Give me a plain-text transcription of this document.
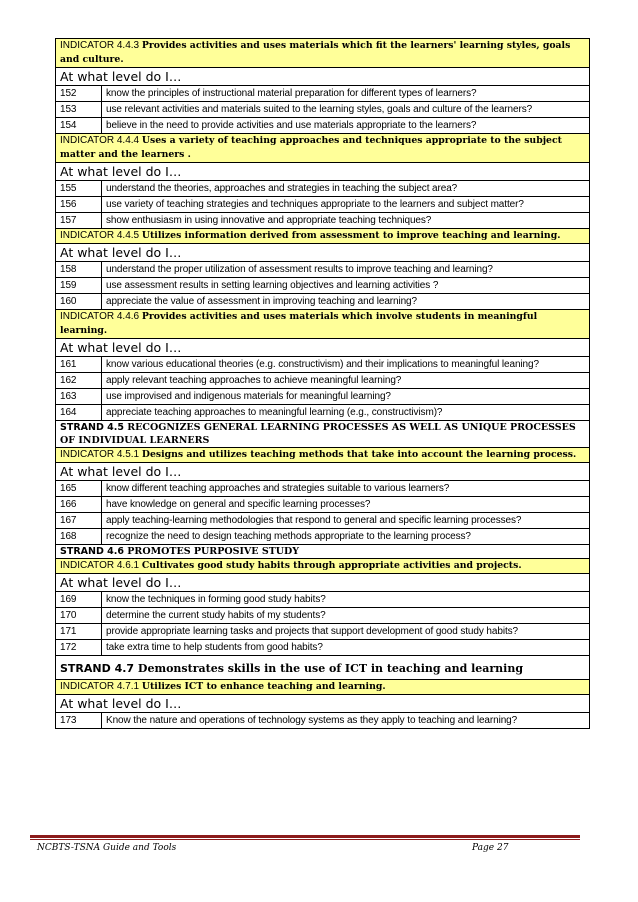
INDICATOR 4.4.3 Provides activities and uses materials which fit the learners' learning styles, goals and culture.	
At what level do I…	
152	know the principles of instructional material preparation for different types of learners?
153	use relevant activities and materials suited to the learning styles, goals and culture of the learners?
154	believe in the need to provide activities and use materials appropriate to the learners?
INDICATOR 4.4.4 Uses a variety of teaching approaches and techniques appropriate to the subject matter and the learners .	
At what level do I…	
155	understand the theories, approaches and strategies in teaching the subject area?
156	use variety of teaching strategies and techniques appropriate to the learners and subject matter?
157	show enthusiasm in using innovative and appropriate teaching techniques?
INDICATOR 4.4.5 Utilizes information derived from assessment to improve teaching and learning.	
At what level do I…	
158	understand the proper utilization of assessment results to improve teaching and learning?
159	use assessment results in setting learning objectives and learning activities ?
160	appreciate the value of assessment in improving teaching and learning?
INDICATOR 4.4.6 Provides activities and uses materials which involve students in meaningful learning.	
At what level do I…	
161	know various educational theories (e.g. constructivism) and their implications to meaningful leaning?
162	apply relevant teaching approaches to achieve meaningful learning?
163	use improvised and indigenous materials for meaningful learning?
164	appreciate teaching approaches to meaningful learning (e.g., constructivism)?
STRAND 4.5 RECOGNIZES GENERAL LEARNING PROCESSES AS WELL AS UNIQUE PROCESSES OF INDIVIDUAL LEARNERS	
INDICATOR 4.5.1 Designs and utilizes teaching methods that take into account the learning process.	
At what level do I…	
165	know different teaching approaches and strategies suitable to various learners?
166	have knowledge on general and specific learning processes?
167	apply teaching-learning methodologies that respond to general and specific learning processes?
168	recognize the need to design teaching methods appropriate to the learning process?
STRAND 4.6 PROMOTES PURPOSIVE STUDY	
INDICATOR 4.6.1 Cultivates good study habits through appropriate activities and projects.	
At what level do I…	
169	know the techniques in forming good study habits?
170	determine the current study habits of my students?
171	provide appropriate learning tasks and projects that support development of good study habits?
172	take extra time to help students from good habits?
STRAND 4.7 Demonstrates skills in the use of ICT in teaching and learning	
INDICATOR 4.7.1 Utilizes ICT to enhance teaching and learning.	
At what level do I…	
173	Know the nature and operations of technology systems as they apply to teaching and learning?
NCBTS-TSNA Guide and Tools	Page 27
